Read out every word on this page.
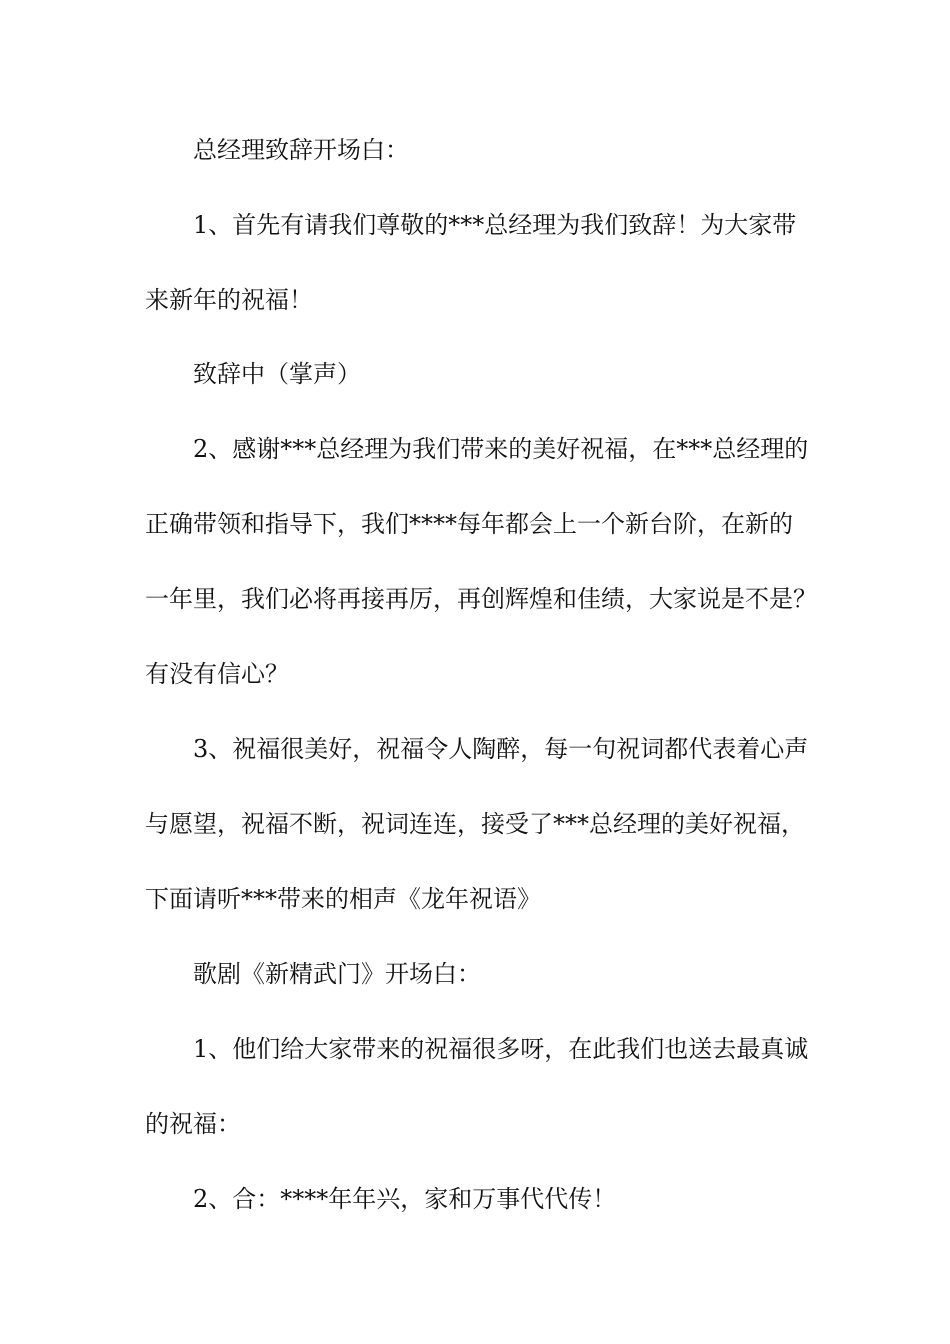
总经理致辞开场白：
1、首先有请我们尊敬的***总经理为我们致辞！为大家带
来新年的祝福！
致辞中（掌声）
2、感谢***总经理为我们带来的美好祝福，在***总经理的
正确带领和指导下，我们****每年都会上一个新台阶，在新的
一年里，我们必将再接再厉，再创辉煌和佳绩，大家说是不是？
有没有信心？
3、祝福很美好，祝福令人陶醉，每一句祝词都代表着心声
与愿望，祝福不断，祝词连连，接受了***总经理的美好祝福，
下面请听***带来的相声《龙年祝语》
歌剧《新精武门》开场白：
1、他们给大家带来的祝福很多呀，在此我们也送去最真诚
的祝福：
2、合：****年年兴，家和万事代代传！
